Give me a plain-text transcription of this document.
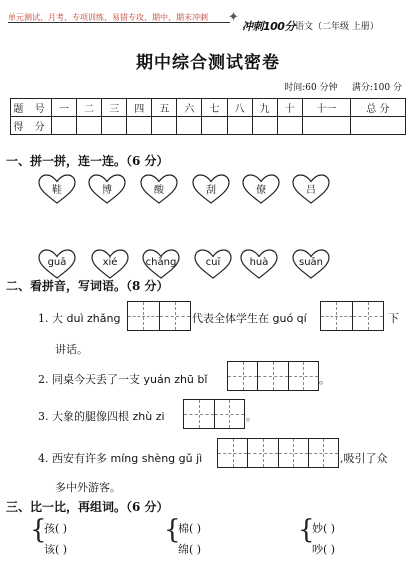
单元测试、月考、专项训练、易错专攻、期中、期末冲刺 ✦
冲刺100分 语文（二年级 上册）
期中综合测试密卷
时间:60 分钟 满分:100 分
题 号	一	二	三	四	五	六	七	八	九	十	十一	总 分
得 分												
一、拼一拼，连一连。（6 分）
鞋	博	酸	刮	僚	吕
guā	xié	chǎng	cuī	huà	suān
二、看拼音，写词语。（8 分）
1. 大 duì zhǎng	代表全体学生在 guó qí	下
讲话。
2. 同桌今天丢了一支 yuán zhū bǐ	。
3. 大象的腿像四根 zhù zi	。
4. 西安有许多 míng shèng gǔ jì	,吸引了众
多中外游客。
三、比一比，再组词。（6 分）
{
孩( )
该( )
{
棉( )
绵( )
{
妙( )
吵( )
